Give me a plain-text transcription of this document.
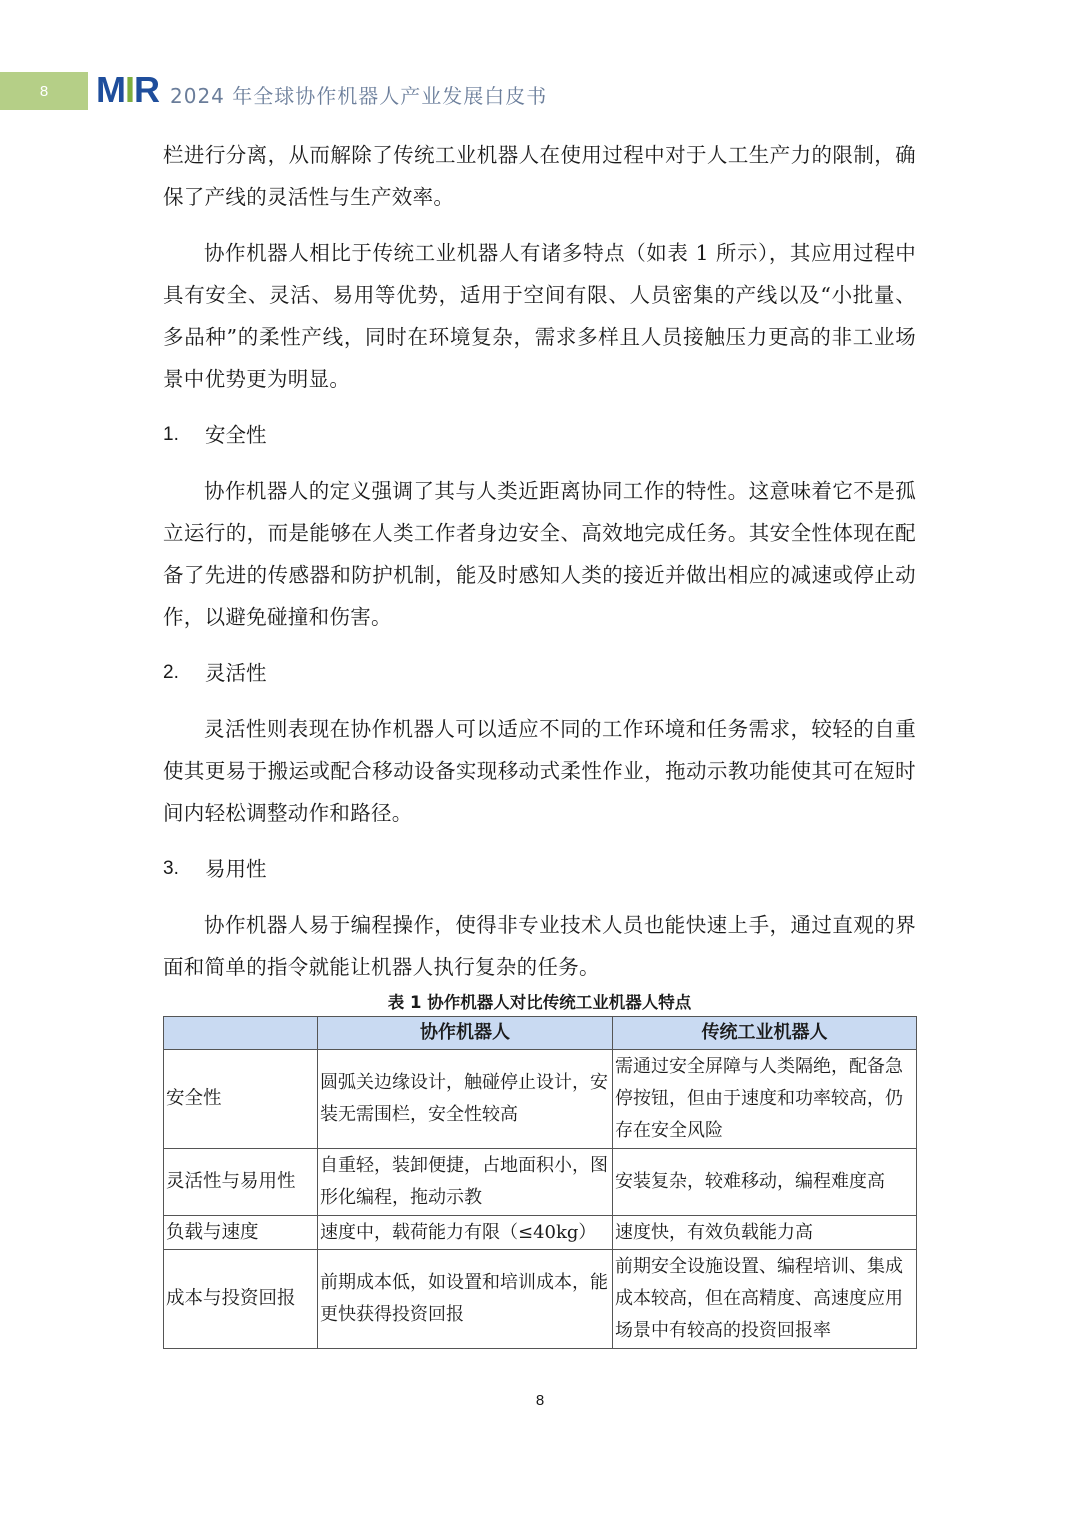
8 M I R 2024 年全球协作机器人产业发展白皮书

栏进行分离，从而解除了传统工业机器人在使用过程中对于人工生产力的限制，确保了产线的灵活性与生产效率。

协作机器人相比于传统工业机器人有诸多特点（如表 1 所示），其应用过程中具有安全、灵活、易用等优势，适用于空间有限、人员密集的产线以及“小批量、多品种”的柔性产线，同时在环境复杂，需求多样且人员接触压力更高的非工业场景中优势更为明显。

1.	安全性

协作机器人的定义强调了其与人类近距离协同工作的特性。这意味着它不是孤立运行的，而是能够在人类工作者身边安全、高效地完成任务。其安全性体现在配备了先进的传感器和防护机制，能及时感知人类的接近并做出相应的减速或停止动作，以避免碰撞和伤害。

2.	灵活性

灵活性则表现在协作机器人可以适应不同的工作环境和任务需求，较轻的自重使其更易于搬运或配合移动设备实现移动式柔性作业，拖动示教功能使其可在短时间内轻松调整动作和路径。

3.	易用性

协作机器人易于编程操作，使得非专业技术人员也能快速上手，通过直观的界面和简单的指令就能让机器人执行复杂的任务。

表 1 协作机器人对比传统工业机器人特点
	协作机器人	传统工业机器人
安全性	圆弧关边缘设计，触碰停止设计，安装无需围栏，安全性较高	需通过安全屏障与人类隔绝，配备急停按钮，但由于速度和功率较高，仍存在安全风险
灵活性与易用性	自重轻，装卸便捷，占地面积小，图形化编程，拖动示教	安装复杂，较难移动，编程难度高
负载与速度	速度中，载荷能力有限（≤40kg）	速度快，有效负载能力高
成本与投资回报	前期成本低，如设置和培训成本，能更快获得投资回报	前期安全设施设置、编程培训、集成成本较高，但在高精度、高速度应用场景中有较高的投资回报率
8
